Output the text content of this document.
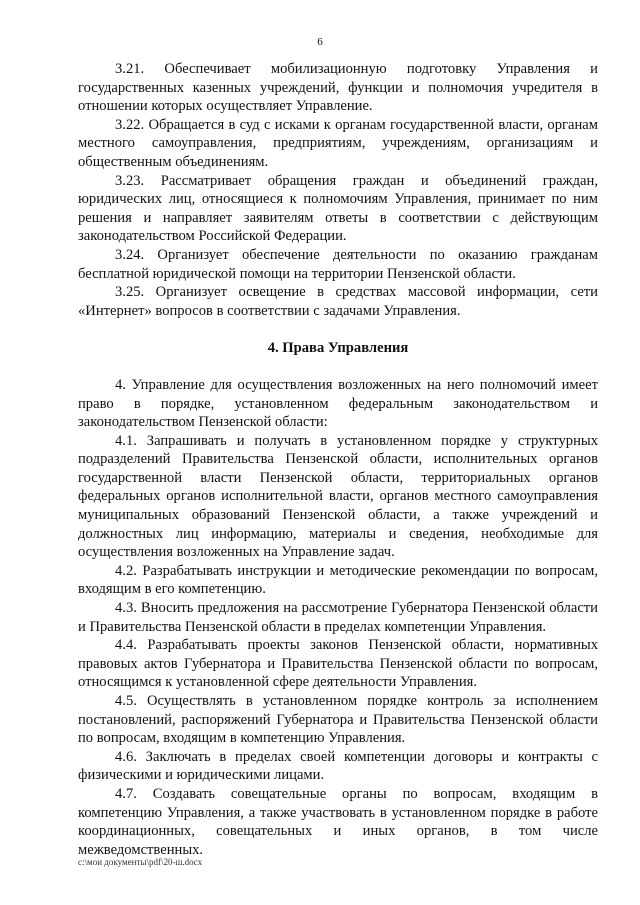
6

3.21. Обеспечивает мобилизационную подготовку Управления и государственных казенных учреждений, функции и полномочия учредителя в отношении которых осуществляет Управление.

3.22. Обращается в суд с исками к органам государственной власти, органам местного самоуправления, предприятиям, учреждениям, организациям и общественным объединениям.

3.23. Рассматривает обращения граждан и объединений граждан, юридических лиц, относящиеся к полномочиям Управления, принимает по ним решения и направляет заявителям ответы в соответствии с действующим законодательством Российской Федерации.

3.24. Организует обеспечение деятельности по оказанию гражданам бесплатной юридической помощи на территории Пензенской области.

3.25. Организует освещение в средствах массовой информации, сети «Интернет» вопросов в соответствии с задачами Управления.

4. Права Управления

4. Управление для осуществления возложенных на него полномочий имеет право в порядке, установленном федеральным законодательством и законодательством Пензенской области:

4.1. Запрашивать и получать в установленном порядке у структурных подразделений Правительства Пензенской области, исполнительных органов государственной власти Пензенской области, территориальных органов федеральных органов исполнительной власти, органов местного самоуправления муниципальных образований Пензенской области, а также учреждений и должностных лиц информацию, материалы и сведения, необходимые для осуществления возложенных на Управление задач.

4.2. Разрабатывать инструкции и методические рекомендации по вопросам, входящим в его компетенцию.

4.3. Вносить предложения на рассмотрение Губернатора Пензенской области и Правительства Пензенской области в пределах компетенции Управления.

4.4. Разрабатывать проекты законов Пензенской области, нормативных правовых актов Губернатора и Правительства Пензенской области по вопросам, относящимся к установленной сфере деятельности Управления.

4.5. Осуществлять в установленном порядке контроль за исполнением постановлений, распоряжений Губернатора и Правительства Пензенской области по вопросам, входящим в компетенцию Управления.

4.6. Заключать в пределах своей компетенции договоры и контракты с физическими и юридическими лицами.

4.7. Создавать совещательные органы по вопросам, входящим в компетенцию Управления, а также участвовать в установленном порядке в работе координационных, совещательных и иных органов, в том числе межведомственных.

c:\мои документы\pdf\20-ш.docx
